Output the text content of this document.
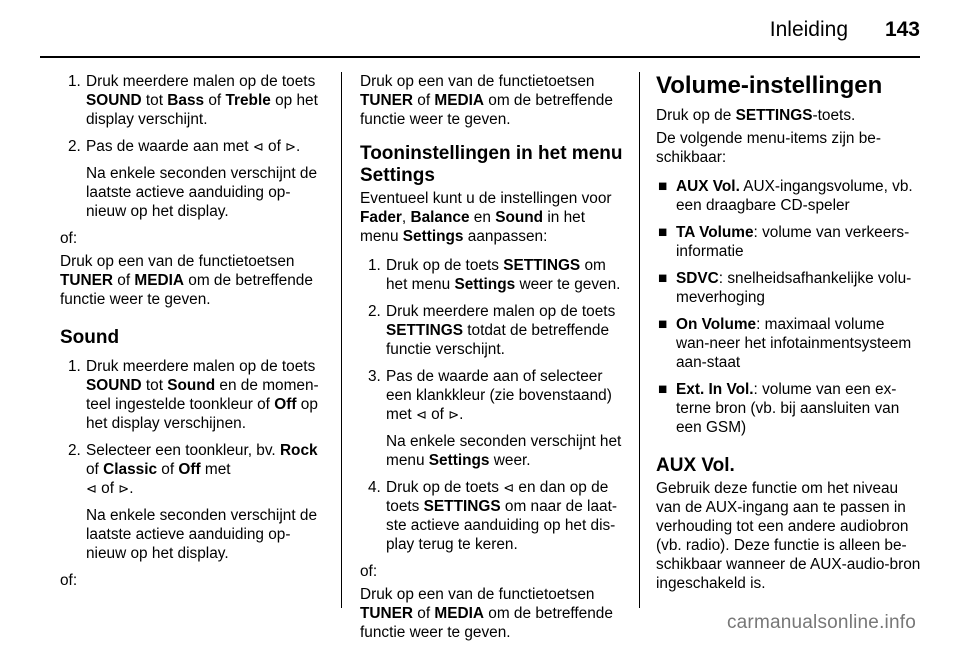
Inleiding 143
1. Druk meerdere malen op de toets SOUND tot Bass of Treble op het display verschijnt.
2. Pas de waarde aan met ⊲ of ⊳.
Na enkele seconden verschijnt de laatste actieve aanduiding op-nieuw op het display.

of:

Druk op een van de functietoetsen TUNER of MEDIA om de betreffende functie weer te geven.

Sound
1. Druk meerdere malen op de toets SOUND tot Sound en de momen-teel ingestelde toonkleur of Off op het display verschijnen.
2. Selecteer een toonkleur, bv. Rock of Classic of Off met
⊲ of ⊳.
Na enkele seconden verschijnt de laatste actieve aanduiding op-nieuw op het display.

of:

Druk op een van de functietoetsen TUNER of MEDIA om de betreffende functie weer te geven.

Tooninstellingen in het menu Settings

Eventueel kunt u de instellingen voor Fader, Balance en Sound in het menu Settings aanpassen:

1. Druk op de toets SETTINGS om het menu Settings weer te geven.
2. Druk meerdere malen op de toets SETTINGS totdat de betreffende functie verschijnt.
3. Pas de waarde aan of selecteer een klankkleur (zie bovenstaand) met ⊲ of ⊳.
Na enkele seconden verschijnt het menu Settings weer.
4. Druk op de toets ⊲ en dan op de toets SETTINGS om naar de laat-ste actieve aanduiding op het dis-play terug te keren.

of:

Druk op een van de functietoetsen TUNER of MEDIA om de betreffende functie weer te geven.

Volume-instellingen

Druk op de SETTINGS-toets.

De volgende menu-items zijn be-schikbaar:

■ AUX Vol. AUX-ingangsvolume, vb. een draagbare CD-speler
■ TA Volume: volume van verkeers-informatie
■ SDVC: snelheidsafhankelijke volu-meverhoging
■ On Volume: maximaal volume wan-neer het infotainmentsysteem aan-staat
■ Ext. In Vol.: volume van een ex-terne bron (vb. bij aansluiten van een GSM)
AUX Vol.

Gebruik deze functie om het niveau van de AUX-ingang aan te passen in verhouding tot een andere audiobron (vb. radio). Deze functie is alleen be-schikbaar wanneer de AUX-audio-bron ingeschakeld is.

carmanualsonline.info
